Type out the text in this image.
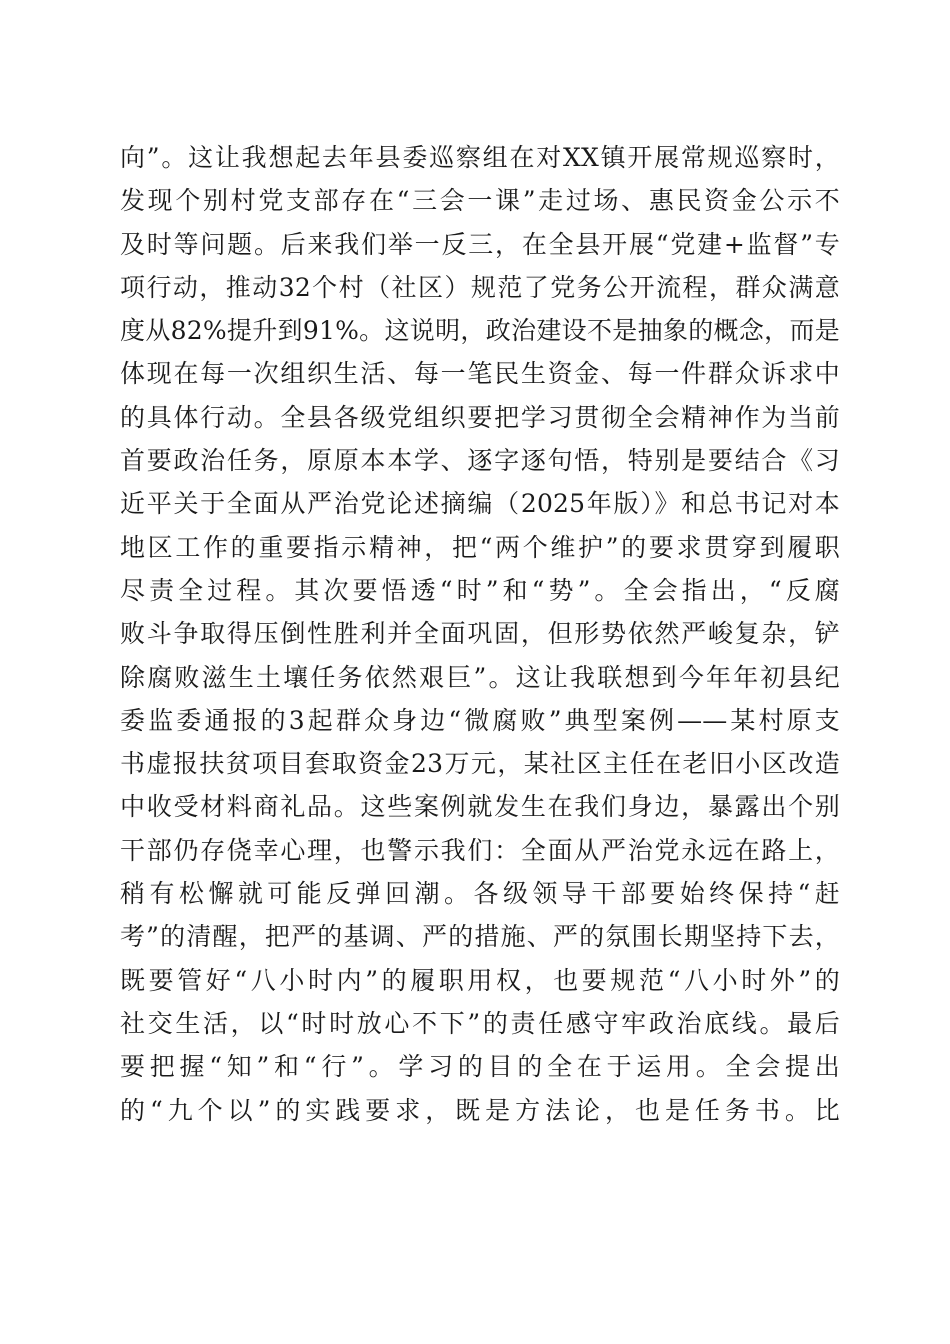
向”。这让我想起去年县委巡察组在对XX镇开展常规巡察时，
发现个别村党支部存在“三会一课”走过场、惠民资金公示不
及时等问题。后来我们举一反三，在全县开展“党建+监督”专
项行动，推动32个村（社区）规范了党务公开流程，群众满意
度从82%提升到91%。这说明，政治建设不是抽象的概念，而是
体现在每一次组织生活、每一笔民生资金、每一件群众诉求中
的具体行动。全县各级党组织要把学习贯彻全会精神作为当前
首要政治任务，原原本本学、逐字逐句悟，特别是要结合《习
近平关于全面从严治党论述摘编（2025年版）》和总书记对本
地区工作的重要指示精神，把“两个维护”的要求贯穿到履职
尽责全过程。其次要悟透“时”和“势”。全会指出，“反腐
败斗争取得压倒性胜利并全面巩固，但形势依然严峻复杂，铲
除腐败滋生土壤任务依然艰巨”。这让我联想到今年年初县纪
委监委通报的3起群众身边“微腐败”典型案例——某村原支
书虚报扶贫项目套取资金23万元，某社区主任在老旧小区改造
中收受材料商礼品。这些案例就发生在我们身边，暴露出个别
干部仍存侥幸心理，也警示我们：全面从严治党永远在路上，
稍有松懈就可能反弹回潮。各级领导干部要始终保持“赶
考”的清醒，把严的基调、严的措施、严的氛围长期坚持下去，
既要管好“八小时内”的履职用权，也要规范“八小时外”的
社交生活，以“时时放心不下”的责任感守牢政治底线。最后
要把握“知”和“行”。学习的目的全在于运用。全会提出
的“九个以”的实践要求，既是方法论，也是任务书。比
